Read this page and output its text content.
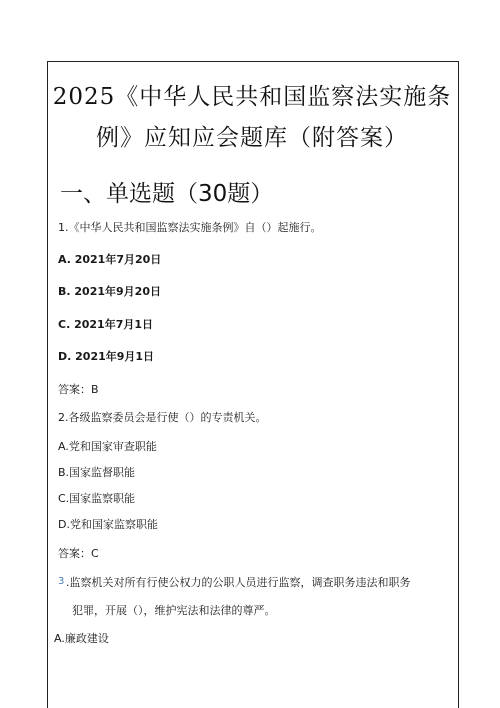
2025《中华人民共和国监察法实施条
例》应知应会题库（附答案）
一、单选题（30题）
1.《中华人民共和国监察法实施条例》自（）起施行。
A. 2021年7月20日
B. 2021年9月20日
C. 2021年7月1日
D. 2021年9月1日
答案：B
2.各级监察委员会是行使（）的专责机关。
A.党和国家审查职能
B.国家监督职能
C.国家监察职能
D.党和国家监察职能
答案：C
3 .监察机关对所有行使公权力的公职人员进行监察，调查职务违法和职务
犯罪，开展（），维护宪法和法律的尊严。
A.廉政建设
